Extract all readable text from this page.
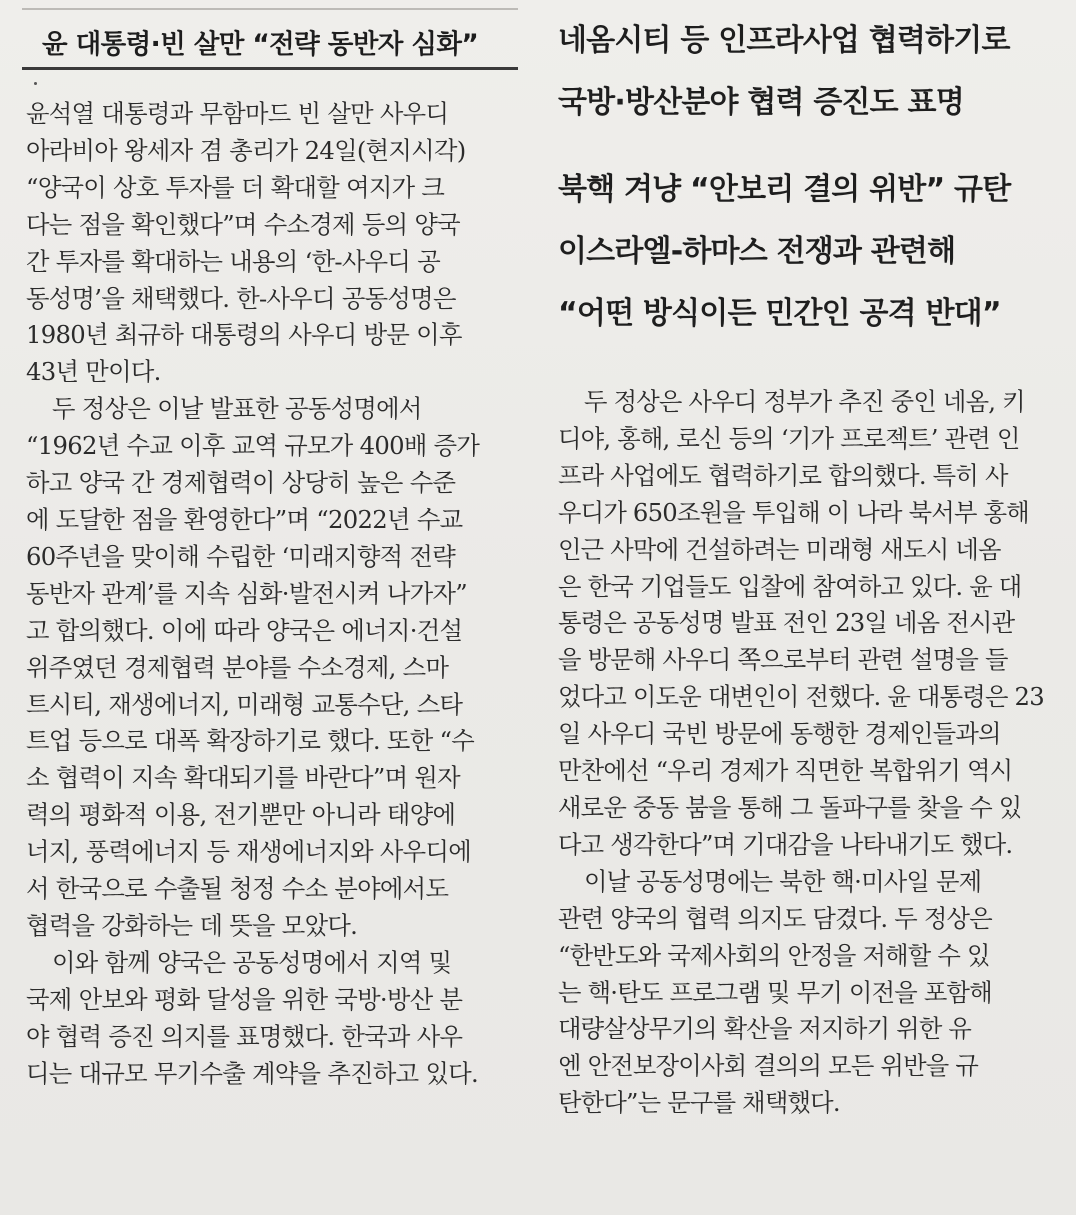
윤 대통령·빈 살만 “전략 동반자 심화”
윤석열 대통령과 무함마드 빈 살만 사우디
아라비아 왕세자 겸 총리가 24일(현지시각)
“양국이 상호 투자를 더 확대할 여지가 크
다는 점을 확인했다”며 수소경제 등의 양국
간 투자를 확대하는 내용의 ‘한-사우디 공
동성명’을 채택했다. 한-사우디 공동성명은
1980년 최규하 대통령의 사우디 방문 이후
43년 만이다.
두 정상은 이날 발표한 공동성명에서
“1962년 수교 이후 교역 규모가 400배 증가
하고 양국 간 경제협력이 상당히 높은 수준
에 도달한 점을 환영한다”며 “2022년 수교
60주년을 맞이해 수립한 ‘미래지향적 전략
동반자 관계’를 지속 심화·발전시켜 나가자”
고 합의했다. 이에 따라 양국은 에너지·건설
위주였던 경제협력 분야를 수소경제, 스마
트시티, 재생에너지, 미래형 교통수단, 스타
트업 등으로 대폭 확장하기로 했다. 또한 “수
소 협력이 지속 확대되기를 바란다”며 원자
력의 평화적 이용, 전기뿐만 아니라 태양에
너지, 풍력에너지 등 재생에너지와 사우디에
서 한국으로 수출될 청정 수소 분야에서도
협력을 강화하는 데 뜻을 모았다.
이와 함께 양국은 공동성명에서 지역 및
국제 안보와 평화 달성을 위한 국방·방산 분
야 협력 증진 의지를 표명했다. 한국과 사우
디는 대규모 무기수출 계약을 추진하고 있다.
네옴시티 등 인프라사업 협력하기로
국방·방산분야 협력 증진도 표명
북핵 겨냥 “안보리 결의 위반” 규탄
이스라엘-하마스 전쟁과 관련해
“어떤 방식이든 민간인 공격 반대”
두 정상은 사우디 정부가 추진 중인 네옴, 키
디야, 홍해, 로신 등의 ‘기가 프로젝트’ 관련 인
프라 사업에도 협력하기로 합의했다. 특히 사
우디가 650조원을 투입해 이 나라 북서부 홍해
인근 사막에 건설하려는 미래형 새도시 네옴
은 한국 기업들도 입찰에 참여하고 있다. 윤 대
통령은 공동성명 발표 전인 23일 네옴 전시관
을 방문해 사우디 쪽으로부터 관련 설명을 들
었다고 이도운 대변인이 전했다. 윤 대통령은 23
일 사우디 국빈 방문에 동행한 경제인들과의
만찬에선 “우리 경제가 직면한 복합위기 역시
새로운 중동 붐을 통해 그 돌파구를 찾을 수 있
다고 생각한다”며 기대감을 나타내기도 했다.
이날 공동성명에는 북한 핵·미사일 문제
관련 양국의 협력 의지도 담겼다. 두 정상은
“한반도와 국제사회의 안정을 저해할 수 있
는 핵·탄도 프로그램 및 무기 이전을 포함해
대량살상무기의 확산을 저지하기 위한 유
엔 안전보장이사회 결의의 모든 위반을 규
탄한다”는 문구를 채택했다.
